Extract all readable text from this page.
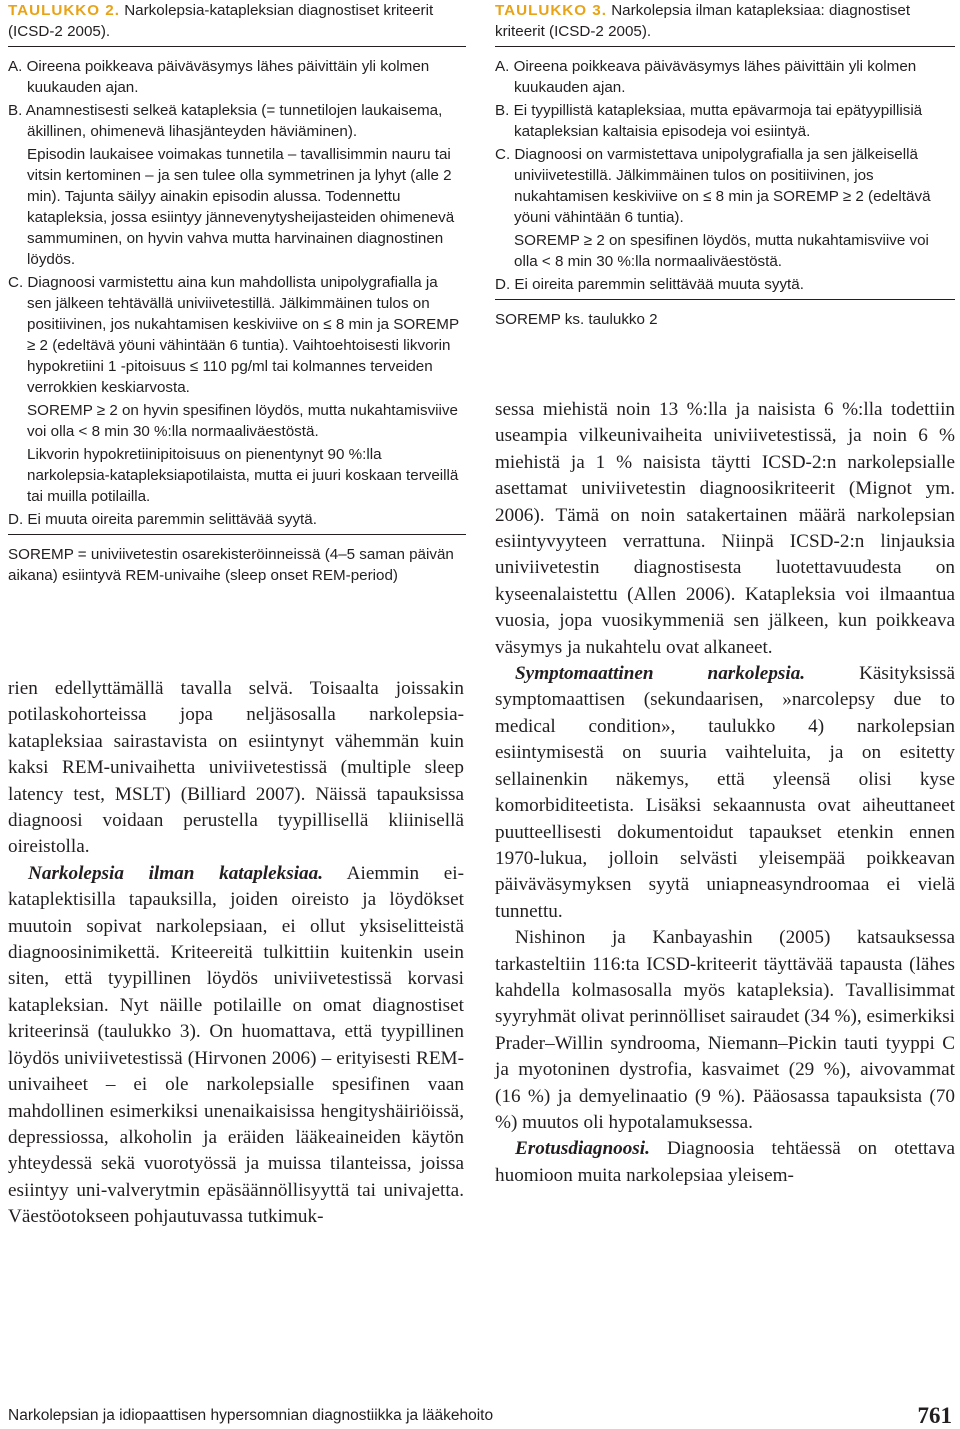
TAULUKKO 2. Narkolepsia-katapleksian diagnostiset kriteerit (ICSD-2 2005).

A. Oireena poikkeava päiväväsymys lähes päivittäin yli kolmen kuukauden ajan.

B. Anamnestisesti selkeä katapleksia (= tunnetilojen laukaisema, äkillinen, ohimenevä lihasjänteyden häviäminen).

Episodin laukaisee voimakas tunnetila – tavallisimmin nauru tai vitsin kertominen – ja sen tulee olla symmetrinen ja lyhyt (alle 2 min). Tajunta säilyy ainakin episodin alussa. Todennettu katapleksia, jossa esiintyy jännevenytysheijasteiden ohimenevä sammuminen, on hyvin vahva mutta harvinainen diagnostinen löydös.

C. Diagnoosi varmistettu aina kun mahdollista unipolygrafialla ja sen jälkeen tehtävällä univiivetestillä. Jälkimmäinen tulos on positiivinen, jos nukahtamisen keskiviive on ≤ 8 min ja SOREMP ≥ 2 (edeltävä yöuni vähintään 6 tuntia). Vaihtoehtoisesti likvorin hypokretiini 1 -pitoisuus ≤ 110 pg/ml tai kolmannes terveiden verrokkien keskiarvosta.

SOREMP ≥ 2 on hyvin spesifinen löydös, mutta nukahtamisviive voi olla < 8 min 30 %:lla normaaliväestöstä.

Likvorin hypokretiinipitoisuus on pienentynyt 90 %:lla narkolepsia-katapleksiapotilaista, mutta ei juuri koskaan terveillä tai muilla potilailla.

D. Ei muuta oireita paremmin selittävää syytä.

SOREMP = univiivetestin osarekisteröinneissä (4–5 saman päivän aikana) esiintyvä REM-univaihe (sleep onset REM-period)

TAULUKKO 3. Narkolepsia ilman katapleksiaa: diagnostiset kriteerit (ICSD-2 2005).

A. Oireena poikkeava päiväväsymys lähes päivittäin yli kolmen kuukauden ajan.

B. Ei tyypillistä katapleksiaa, mutta epävarmoja tai epätyypillisiä katapleksian kaltaisia episodeja voi esiintyä.

C. Diagnoosi on varmistettava unipolygrafialla ja sen jälkeisellä univiivetestillä. Jälkimmäinen tulos on positiivinen, jos nukahtamisen keskiviive on ≤ 8 min ja SOREMP ≥ 2 (edeltävä yöuni vähintään 6 tuntia).

SOREMP ≥ 2 on spesifinen löydös, mutta nukahtamisviive voi olla < 8 min 30 %:lla normaaliväestöstä.

D. Ei oireita paremmin selittävää muuta syytä.

SOREMP ks. taulukko 2

rien edellyttämällä tavalla selvä. Toisaalta joissakin potilaskohorteissa jopa neljäsosalla narkolepsia-katapleksiaa sairastavista on esiintynyt vähemmän kuin kaksi REM-univaihetta univiivetestissä (multiple sleep latency test, MSLT) (Billiard 2007). Näissä tapauksissa diagnoosi voidaan perustella tyypillisellä kliinisellä oireistolla.

Narkolepsia ilman katapleksiaa. Aiemmin ei-kataplektisilla tapauksilla, joiden oireisto ja löydökset muutoin sopivat narkolepsiaan, ei ollut yksiselitteistä diagnoosinimikettä. Kriteereitä tulkittiin kuitenkin usein siten, että tyypillinen löydös univiivetestissä korvasi katapleksian. Nyt näille potilaille on omat diagnostiset kriteerinsä (taulukko 3). On huomattava, että tyypillinen löydös univiivetestissä (Hirvonen 2006) – erityisesti REM-univaiheet – ei ole narkolepsialle spesifinen vaan mahdollinen esimerkiksi unenaikaisissa hengityshäiriöissä, depressiossa, alkoholin ja eräiden lääkeaineiden käytön yhteydessä sekä vuorotyössä ja muissa tilanteissa, joissa esiintyy uni-valverytmin epäsäännöllisyyttä tai univajetta. Väestöotokseen pohjautuvassa tutkimuk-

sessa miehistä noin 13 %:lla ja naisista 6 %:lla todettiin useampia vilkeunivaiheita univiivetestissä, ja noin 6 % miehistä ja 1 % naisista täytti ICSD-2:n narkolepsialle asettamat univiivetestin diagnoosikriteerit (Mignot ym. 2006). Tämä on noin satakertainen määrä narkolepsian esiintyvyyteen verrattuna. Niinpä ICSD-2:n linjauksia univiivetestin diagnostisesta luotettavuudesta on kyseenalaistettu (Allen 2006). Katapleksia voi ilmaantua vuosia, jopa vuosikymmeniä sen jälkeen, kun poikkeava väsymys ja nukahtelu ovat alkaneet.

Symptomaattinen narkolepsia. Käsityksissä symptomaattisen (sekundaarisen, »narcolepsy due to medical condition», taulukko 4) narkolepsian esiintymisestä on suuria vaihteluita, ja on esitetty sellainenkin näkemys, että yleensä olisi kyse komorbiditeetista. Lisäksi sekaannusta ovat aiheuttaneet puutteellisesti dokumentoidut tapaukset etenkin ennen 1970-lukua, jolloin selvästi yleisempää poikkeavan päiväväsymyksen syytä uniapneasyndroomaa ei vielä tunnettu.

Nishinon ja Kanbayashin (2005) katsauksessa tarkasteltiin 116:ta ICSD-kriteerit täyttävää tapausta (lähes kahdella kolmasosalla myös katapleksia). Tavallisimmat syyryhmät olivat perinnölliset sairaudet (34 %), esimerkiksi Prader–Willin syndrooma, Niemann–Pickin tauti tyyppi C ja myotoninen dystrofia, kasvaimet (29 %), aivovammat (16 %) ja demyelinaatio (9 %). Pääosassa tapauksista (70 %) muutos oli hypotalamuksessa.

Erotusdiagnoosi. Diagnoosia tehtäessä on otettava huomioon muita narkolepsiaa yleisem-

Narkolepsian ja idiopaattisen hypersomnian diagnostiikka ja lääkehoito	761
